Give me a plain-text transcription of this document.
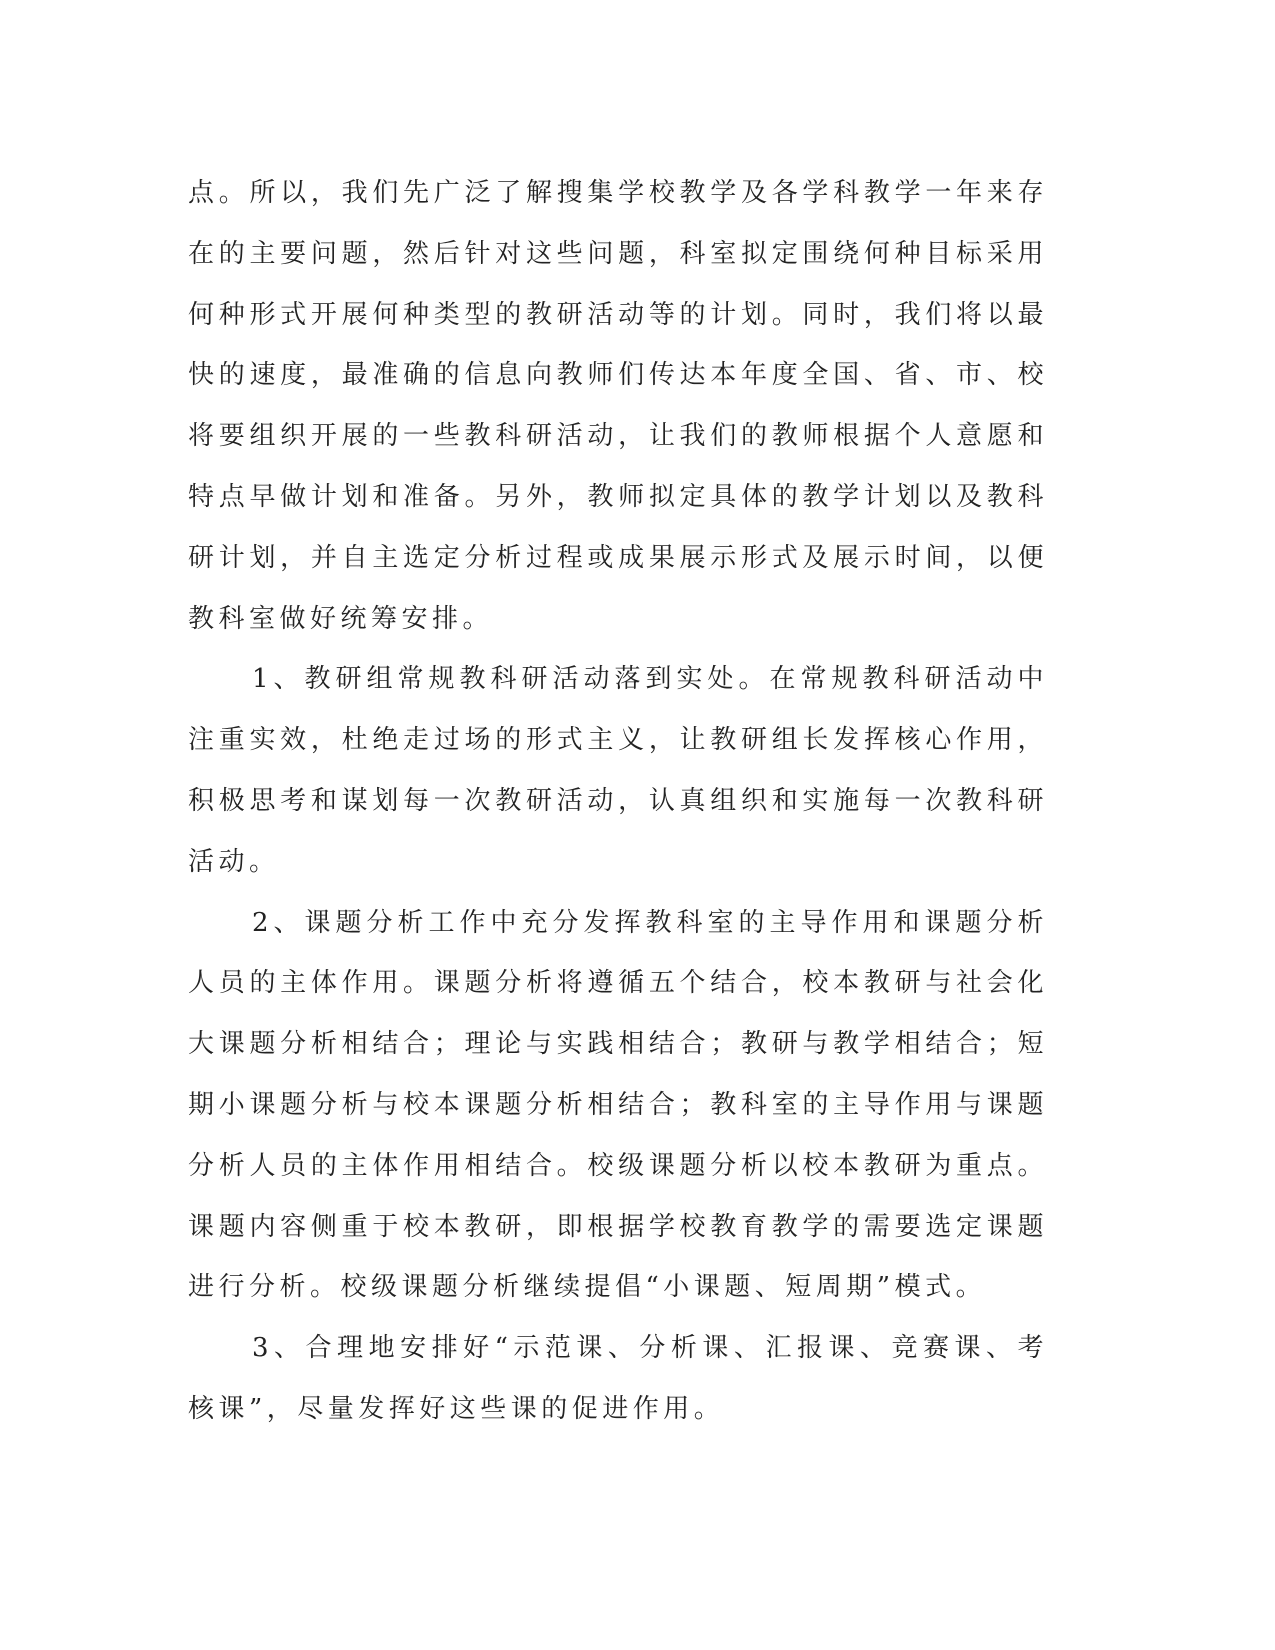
点。所以，我们先广泛了解搜集学校教学及各学科教学一年来存在的主要问题，然后针对这些问题，科室拟定围绕何种目标采用何种形式开展何种类型的教研活动等的计划。同时，我们将以最快的速度，最准确的信息向教师们传达本年度全国、省、市、校将要组织开展的一些教科研活动，让我们的教师根据个人意愿和特点早做计划和准备。另外，教师拟定具体的教学计划以及教科研计划，并自主选定分析过程或成果展示形式及展示时间，以便教科室做好统筹安排。

1、教研组常规教科研活动落到实处。在常规教科研活动中注重实效，杜绝走过场的形式主义，让教研组长发挥核心作用，积极思考和谋划每一次教研活动，认真组织和实施每一次教科研活动。

2、课题分析工作中充分发挥教科室的主导作用和课题分析人员的主体作用。课题分析将遵循五个结合，校本教研与社会化大课题分析相结合；理论与实践相结合；教研与教学相结合；短期小课题分析与校本课题分析相结合；教科室的主导作用与课题分析人员的主体作用相结合。校级课题分析以校本教研为重点。课题内容侧重于校本教研，即根据学校教育教学的需要选定课题进行分析。校级课题分析继续提倡“小课题、短周期”模式。

3、合理地安排好“示范课、分析课、汇报课、竞赛课、考核课”，尽量发挥好这些课的促进作用。
